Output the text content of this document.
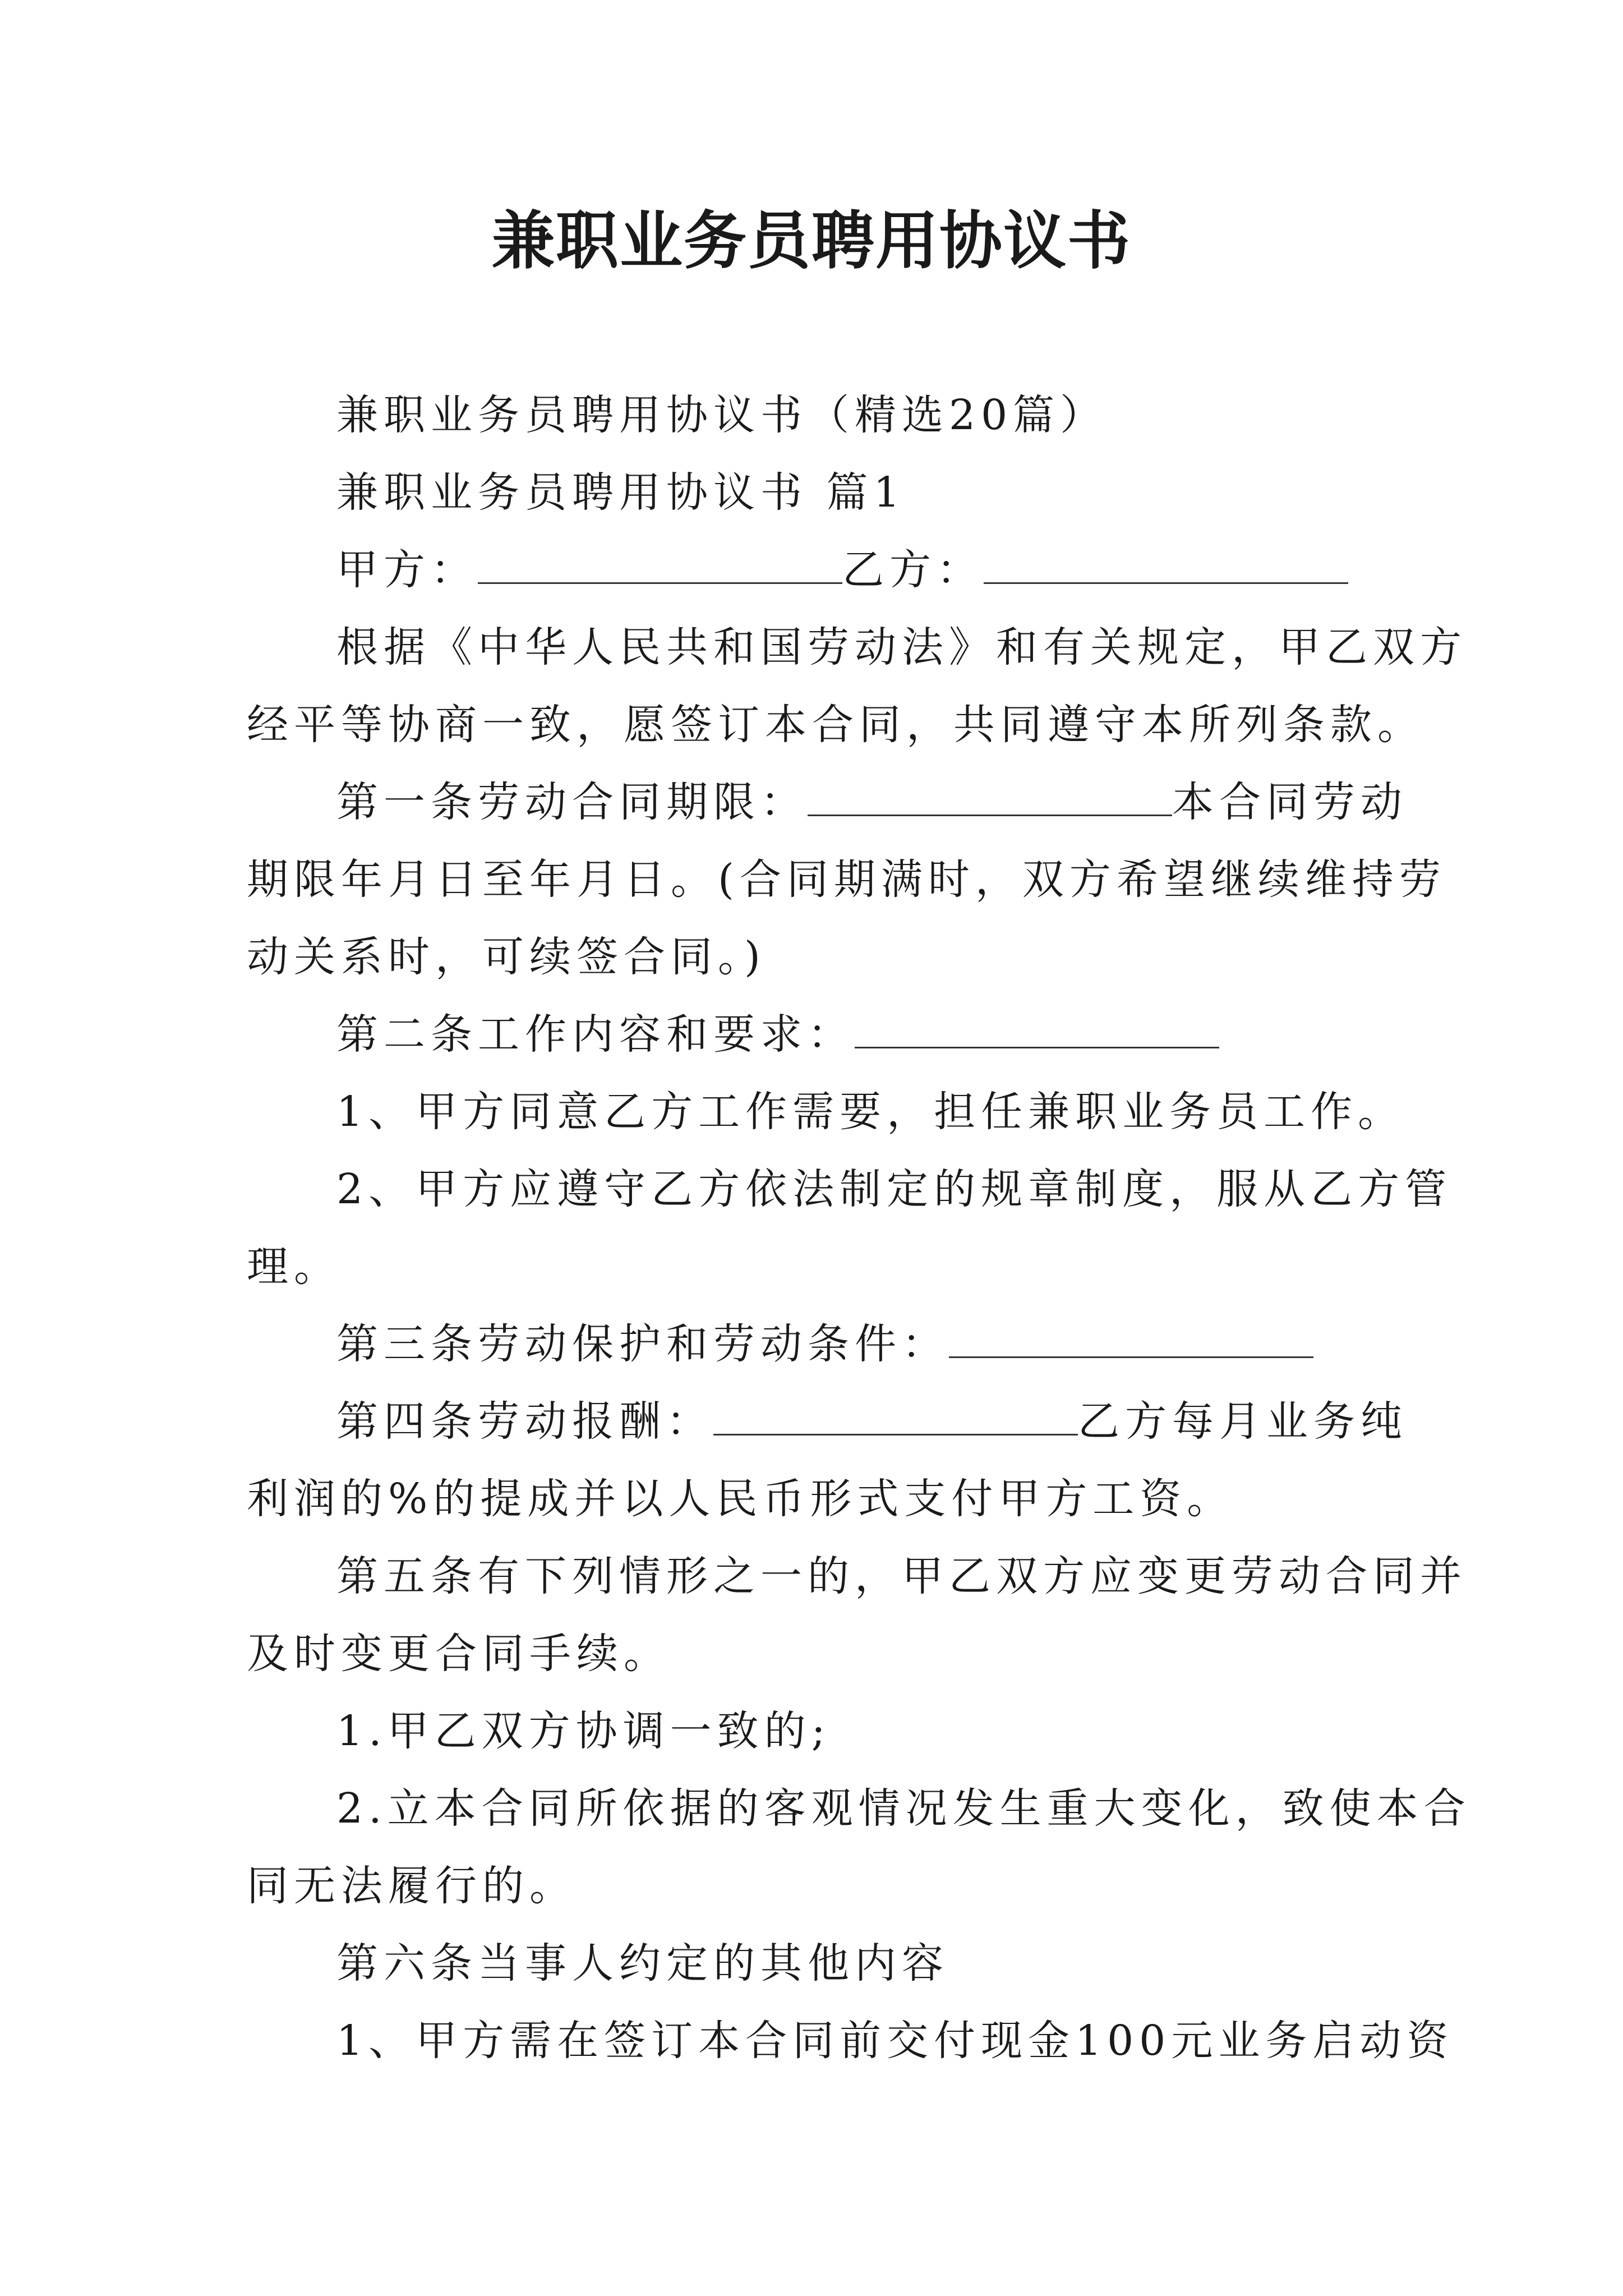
兼职业务员聘用协议书
兼职业务员聘用协议书（精选20篇）
兼职业务员聘用协议书 篇1
甲方：	乙方：
根据《中华人民共和国劳动法》和有关规定，甲乙双方
经平等协商一致，愿签订本合同，共同遵守本所列条款。
第一条劳动合同期限：	本合同劳动
期限年月日至年月日。(合同期满时，双方希望继续维持劳
动关系时，可续签合同。)
第二条工作内容和要求：
1、甲方同意乙方工作需要，担任兼职业务员工作。
2、甲方应遵守乙方依法制定的规章制度，服从乙方管
理。
第三条劳动保护和劳动条件：
第四条劳动报酬：	乙方每月业务纯
利润的%的提成并以人民币形式支付甲方工资。
第五条有下列情形之一的，甲乙双方应变更劳动合同并
及时变更合同手续。
1.甲乙双方协调一致的;
2.立本合同所依据的客观情况发生重大变化，致使本合
同无法履行的。
第六条当事人约定的其他内容
1、甲方需在签订本合同前交付现金100元业务启动资
